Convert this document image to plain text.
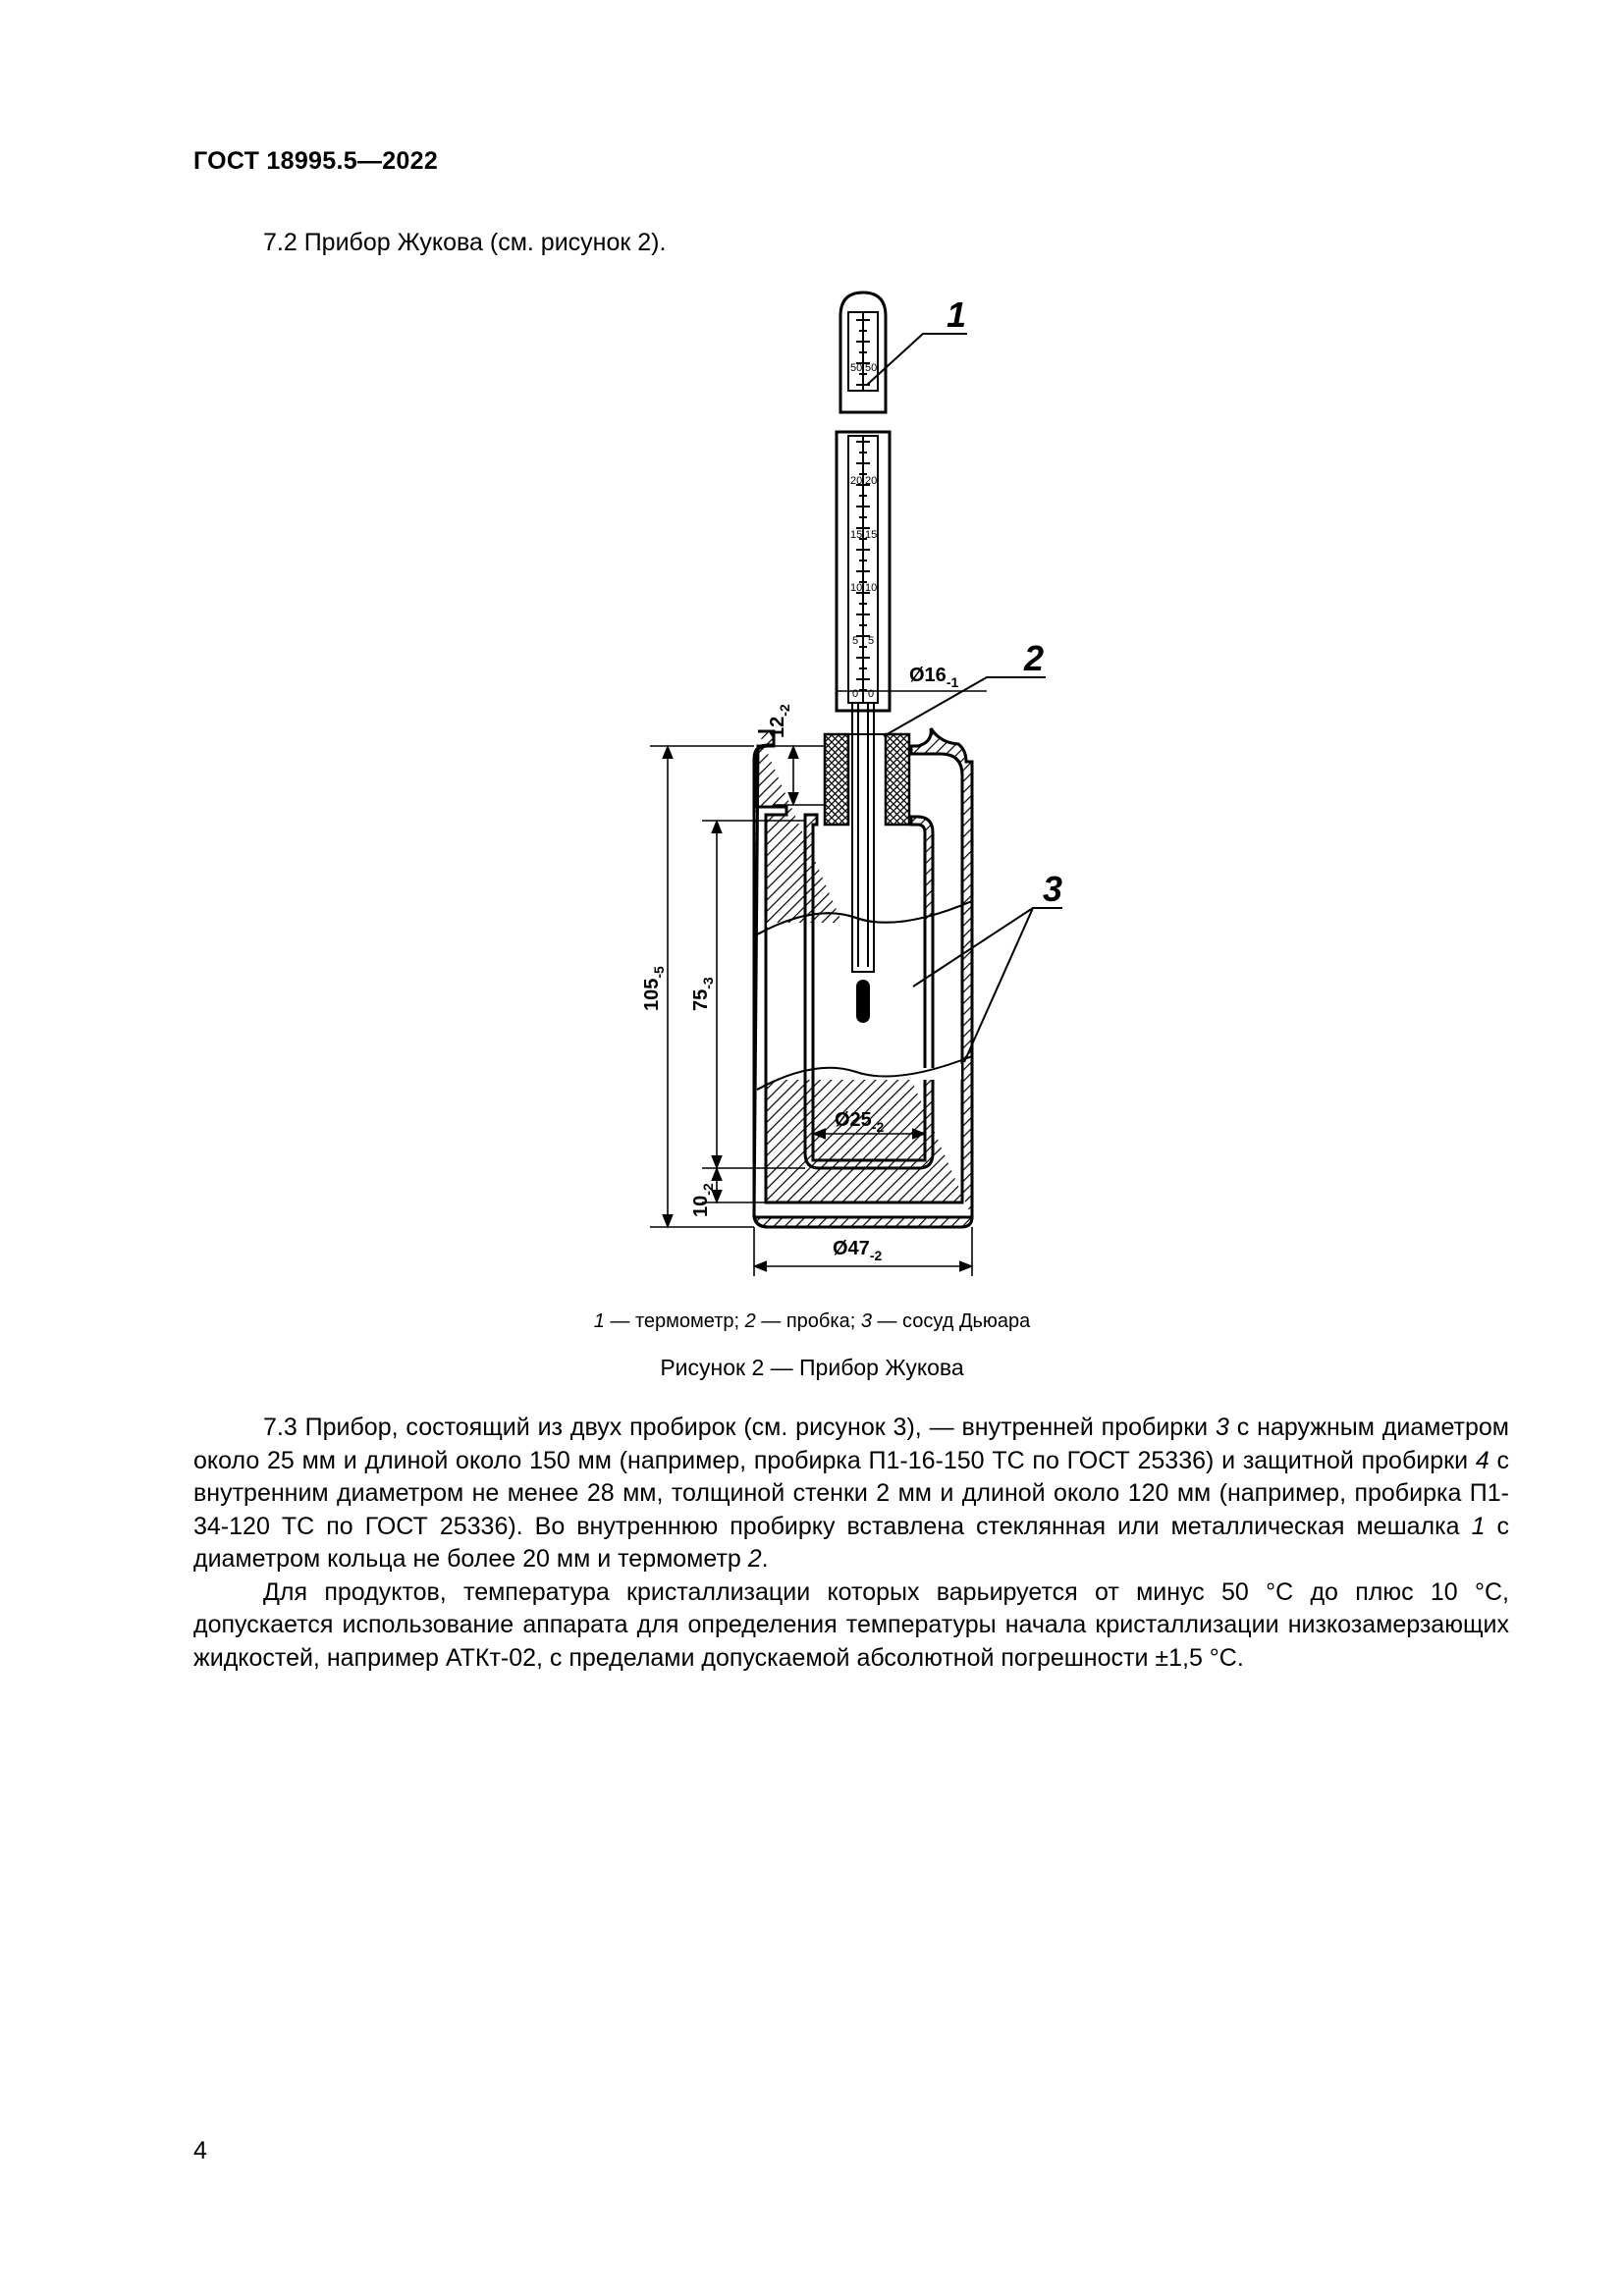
ГОСТ 18995.5—2022
7.2 Прибор Жукова (см. рисунок 2).
50 50
20 20
15 15
10 10
5 5
0 0
1
2
3
$Ø16_{-1}$
$Ø25_{-2}$
$Ø47_{-2}$
$105_{-5}$
$75_{-3}$
$10_{-2}$
$12_{-2}$
1 — термометр; 2 — пробка; 3 — сосуд Дьюара
Рисунок 2 — Прибор Жукова

7.3 Прибор, состоящий из двух пробирок (см. рисунок 3), — внутренней пробирки 3 с наружным диаметром около 25 мм и длиной около 150 мм (например, пробирка П1-16-150 ТС по ГОСТ 25336) и защитной пробирки 4 с внутренним диаметром не менее 28 мм, толщиной стенки 2 мм и длиной около 120 мм (например, пробирка П1-34-120 ТС по ГОСТ 25336). Во внутреннюю пробирку вставлена стеклянная или металлическая мешалка 1 с диаметром кольца не более 20 мм и термометр 2.

Для продуктов, температура кристаллизации которых варьируется от минус 50 °С до плюс 10 °С, допускается использование аппарата для определения температуры начала кристаллизации низкозамерзающих жидкостей, например АТКт-02, с пределами допускаемой абсолютной погрешности ±1,5 °С.

4
